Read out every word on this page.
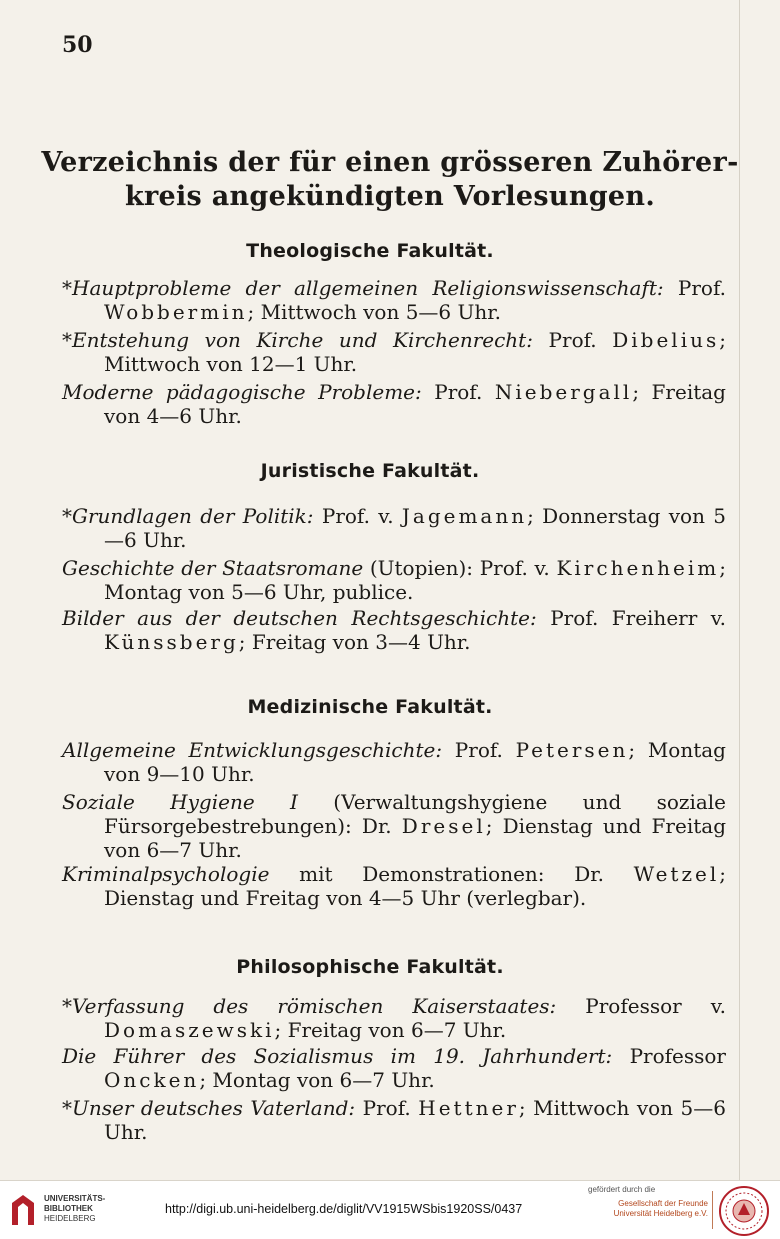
50
Verzeichnis der für einen grösseren Zuhörer-
kreis angekündigten Vorlesungen.
Theologische Fakultät.
*Hauptprobleme der allgemeinen Religionswissenschaft: Prof. Wobbermin; Mittwoch von 5—6 Uhr.
*Entstehung von Kirche und Kirchenrecht: Prof. Dibelius; Mittwoch von 12—1 Uhr.
Moderne pädagogische Probleme: Prof. Niebergall; Freitag von 4—6 Uhr.
Juristische Fakultät.
*Grundlagen der Politik: Prof. v. Jagemann; Donnerstag von 5—6 Uhr.
Geschichte der Staatsromane (Utopien): Prof. v. Kirchenheim; Montag von 5—6 Uhr, publice.
Bilder aus der deutschen Rechtsgeschichte: Prof. Freiherr v. Künssberg; Freitag von 3—4 Uhr.
Medizinische Fakultät.
Allgemeine Entwicklungsgeschichte: Prof. Petersen; Montag von 9—10 Uhr.
Soziale Hygiene I (Verwaltungshygiene und soziale Fürsorgebestrebungen): Dr. Dresel; Dienstag und Freitag von 6—7 Uhr.
Kriminalpsychologie mit Demonstrationen: Dr. Wetzel; Dienstag und Freitag von 4—5 Uhr (verlegbar).
Philosophische Fakultät.
*Verfassung des römischen Kaiserstaates: Professor v. Domaszewski; Freitag von 6—7 Uhr.
Die Führer des Sozialismus im 19. Jahrhundert: Professor Oncken; Montag von 6—7 Uhr.
*Unser deutsches Vaterland: Prof. Hettner; Mittwoch von 5—6 Uhr.
UNIVERSITÄTS-
BIBLIOTHEK
HEIDELBERG
http://digi.ub.uni-heidelberg.de/diglit/VV1915WSbis1920SS/0437
gefördert durch die
Gesellschaft der Freunde
Universität Heidelberg e.V.
